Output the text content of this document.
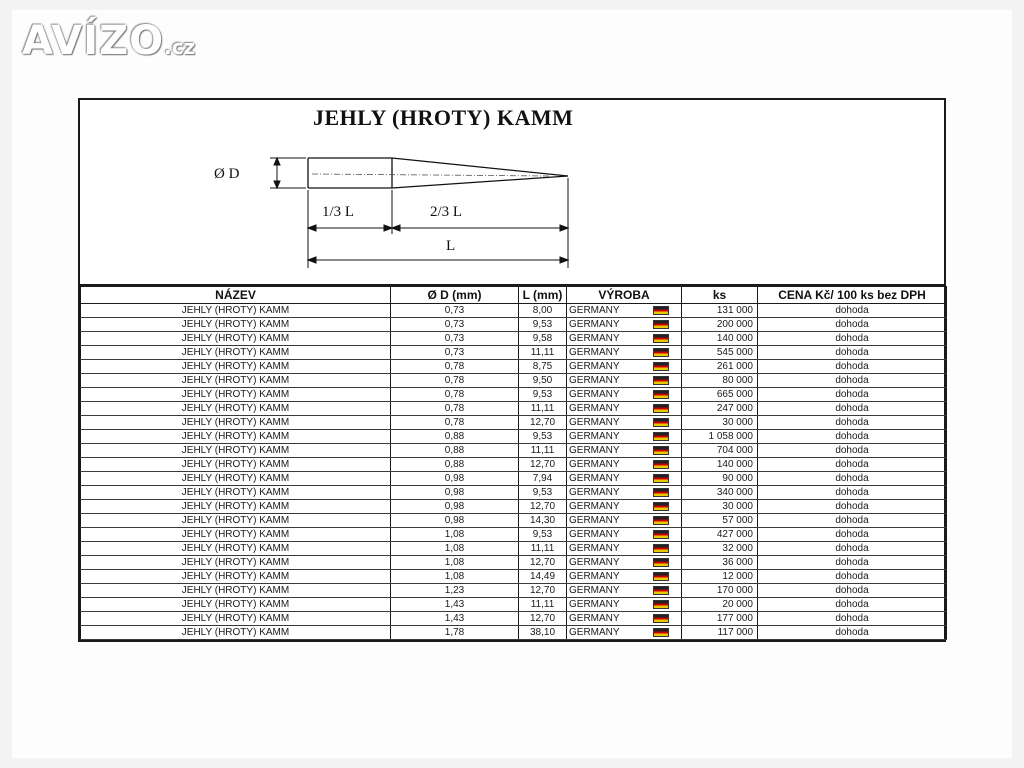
AVÍZO.cz
JEHLY (HROTY) KAMM
Ø D
1/3 L	2/3 L
L
NÁZEV	Ø D (mm)	L (mm)	VÝROBA	ks	CENA Kč/ 100 ks bez DPH
JEHLY (HROTY) KAMM	0,73	8,00	GERMANY	131 000	dohoda
JEHLY (HROTY) KAMM	0,73	9,53	GERMANY	200 000	dohoda
JEHLY (HROTY) KAMM	0,73	9,58	GERMANY	140 000	dohoda
JEHLY (HROTY) KAMM	0,73	11,11	GERMANY	545 000	dohoda
JEHLY (HROTY) KAMM	0,78	8,75	GERMANY	261 000	dohoda
JEHLY (HROTY) KAMM	0,78	9,50	GERMANY	80 000	dohoda
JEHLY (HROTY) KAMM	0,78	9,53	GERMANY	665 000	dohoda
JEHLY (HROTY) KAMM	0,78	11,11	GERMANY	247 000	dohoda
JEHLY (HROTY) KAMM	0,78	12,70	GERMANY	30 000	dohoda
JEHLY (HROTY) KAMM	0,88	9,53	GERMANY	1 058 000	dohoda
JEHLY (HROTY) KAMM	0,88	11,11	GERMANY	704 000	dohoda
JEHLY (HROTY) KAMM	0,88	12,70	GERMANY	140 000	dohoda
JEHLY (HROTY) KAMM	0,98	7,94	GERMANY	90 000	dohoda
JEHLY (HROTY) KAMM	0,98	9,53	GERMANY	340 000	dohoda
JEHLY (HROTY) KAMM	0,98	12,70	GERMANY	30 000	dohoda
JEHLY (HROTY) KAMM	0,98	14,30	GERMANY	57 000	dohoda
JEHLY (HROTY) KAMM	1,08	9,53	GERMANY	427 000	dohoda
JEHLY (HROTY) KAMM	1,08	11,11	GERMANY	32 000	dohoda
JEHLY (HROTY) KAMM	1,08	12,70	GERMANY	36 000	dohoda
JEHLY (HROTY) KAMM	1,08	14,49	GERMANY	12 000	dohoda
JEHLY (HROTY) KAMM	1,23	12,70	GERMANY	170 000	dohoda
JEHLY (HROTY) KAMM	1,43	11,11	GERMANY	20 000	dohoda
JEHLY (HROTY) KAMM	1,43	12,70	GERMANY	177 000	dohoda
JEHLY (HROTY) KAMM	1,78	38,10	GERMANY	117 000	dohoda
